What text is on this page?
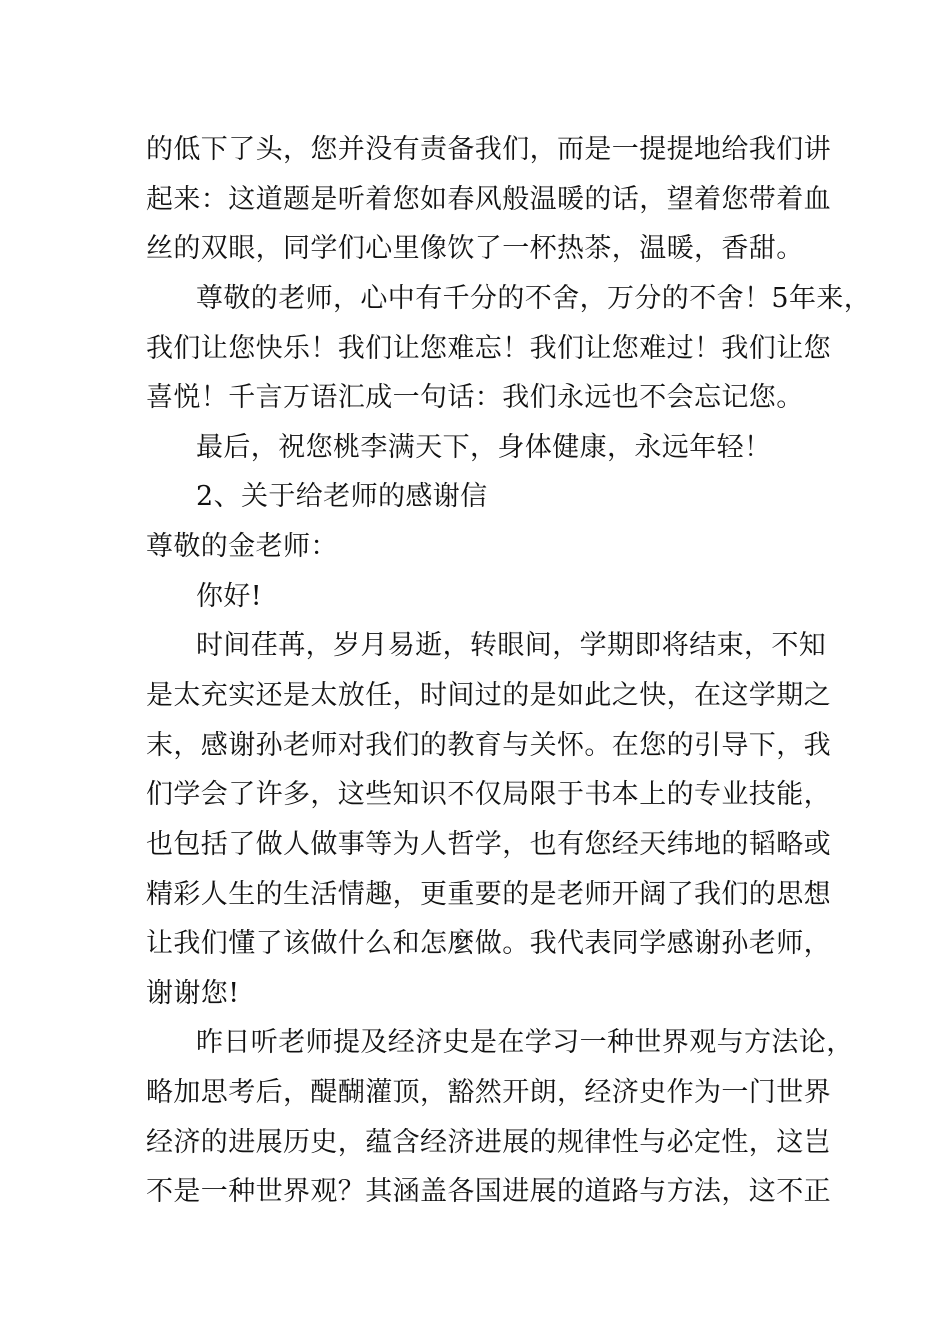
的低下了头，您并没有责备我们，而是一提提地给我们讲
起来：这道题是听着您如春风般温暖的话，望着您带着血
丝的双眼，同学们心里像饮了一杯热茶，温暖，香甜。
尊敬的老师，心中有千分的不舍，万分的不舍！5年来，
我们让您快乐！我们让您难忘！我们让您难过！我们让您
喜悦！千言万语汇成一句话：我们永远也不会忘记您。
最后，祝您桃李满天下，身体健康，永远年轻！
2、关于给老师的感谢信
尊敬的金老师：
你好!
时间荏苒，岁月易逝，转眼间，学期即将结束，不知
是太充实还是太放任，时间过的是如此之快，在这学期之
末，感谢孙老师对我们的教育与关怀。在您的引导下，我
们学会了许多，这些知识不仅局限于书本上的专业技能，
也包括了做人做事等为人哲学，也有您经天纬地的韬略或
精彩人生的生活情趣，更重要的是老师开阔了我们的思想
让我们懂了该做什么和怎麼做。我代表同学感谢孙老师，
谢谢您!
昨日听老师提及经济史是在学习一种世界观与方法论，
略加思考后，醍醐灌顶，豁然开朗，经济史作为一门世界
经济的进展历史，蕴含经济进展的规律性与必定性，这岂
不是一种世界观？其涵盖各国进展的道路与方法，这不正
